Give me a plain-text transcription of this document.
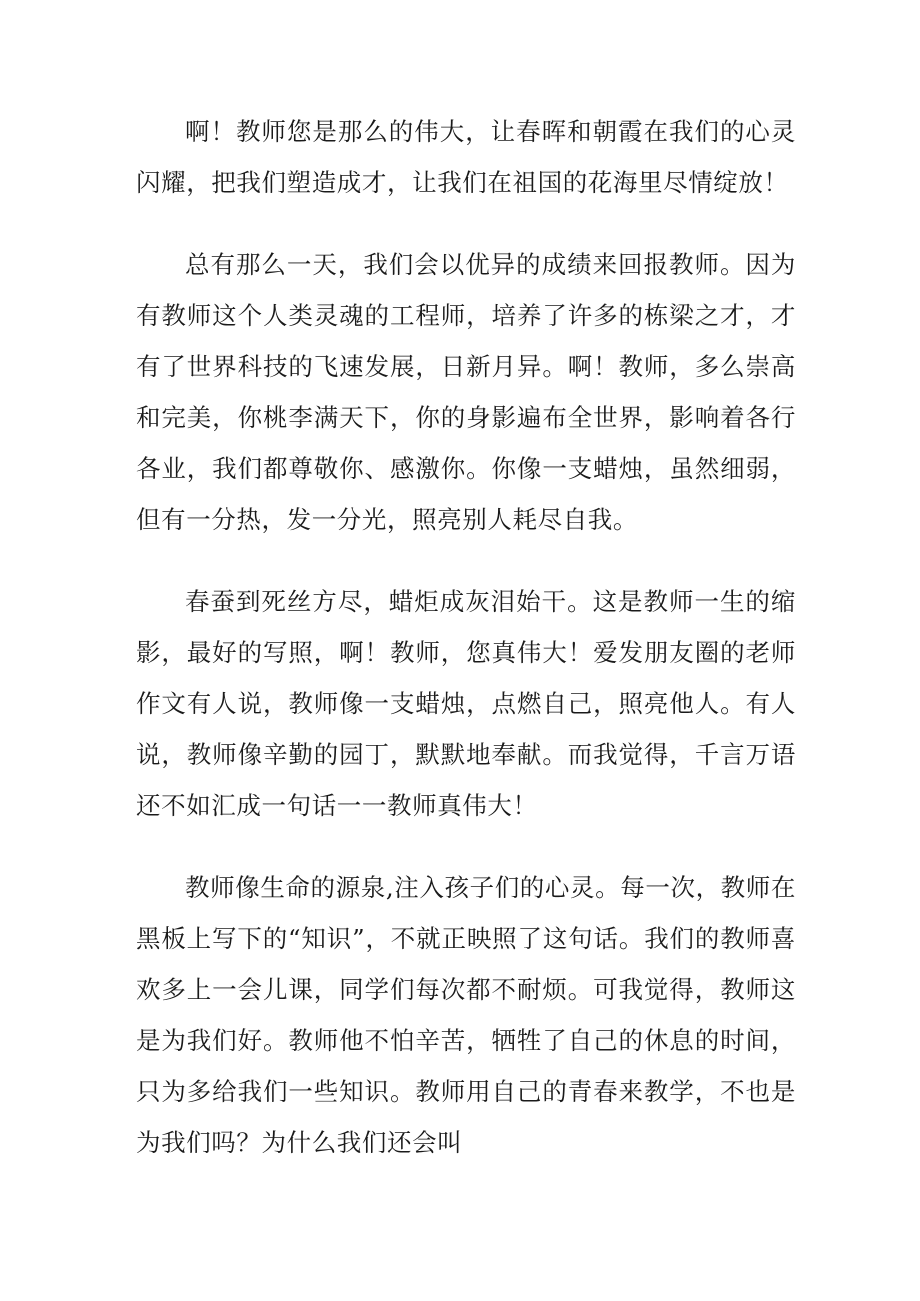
啊！教师您是那么的伟大，让春晖和朝霞在我们的心灵闪耀，把我们塑造成才，让我们在祖国的花海里尽情绽放！

总有那么一天，我们会以优异的成绩来回报教师。因为有教师这个人类灵魂的工程师，培养了许多的栋梁之才，才有了世界科技的飞速发展，日新月异。啊！教师，多么崇高和完美，你桃李满天下，你的身影遍布全世界，影响着各行各业，我们都尊敬你、感激你。你像一支蜡烛，虽然细弱，但有一分热，发一分光，照亮别人耗尽自我。

春蚕到死丝方尽，蜡炬成灰泪始干。这是教师一生的缩影，最好的写照，啊！教师，您真伟大！爱发朋友圈的老师作文有人说，教师像一支蜡烛，点燃自己，照亮他人。有人说，教师像辛勤的园丁，默默地奉献。而我觉得，千言万语还不如汇成一句话一一教师真伟大！

教师像生命的源泉,注入孩子们的心灵。每一次，教师在黑板上写下的“知识”，不就正映照了这句话。我们的教师喜欢多上一会儿课，同学们每次都不耐烦。可我觉得，教师这是为我们好。教师他不怕辛苦，牺牲了自己的休息的时间，只为多给我们一些知识。教师用自己的青春来教学，不也是为我们吗？为什么我们还会叫
